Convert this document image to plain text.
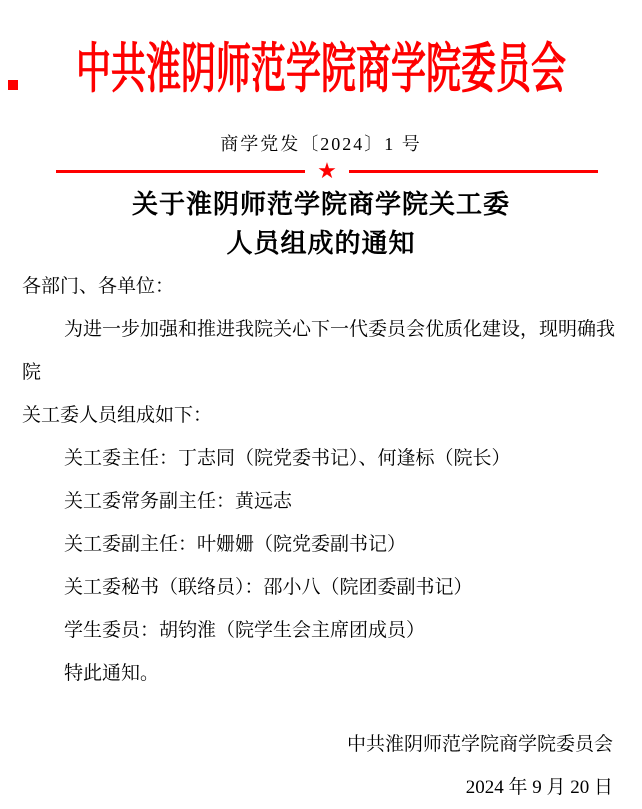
中共淮阴师范学院商学院委员会
商学党发〔2024〕1 号
★
关于淮阴师范学院商学院关工委
人员组成的通知

各部门、各单位：

为进一步加强和推进我院关心下一代委员会优质化建设，现明确我院

关工委人员组成如下：

关工委主任：丁志同（院党委书记）、何逢标（院长）

关工委常务副主任：黄远志

关工委副主任：叶姗姗（院党委副书记）

关工委秘书（联络员）：邵小八（院团委副书记）

学生委员：胡钧淮（院学生会主席团成员）

特此通知。

中共淮阴师范学院商学院委员会

2024 年 9 月 20 日
